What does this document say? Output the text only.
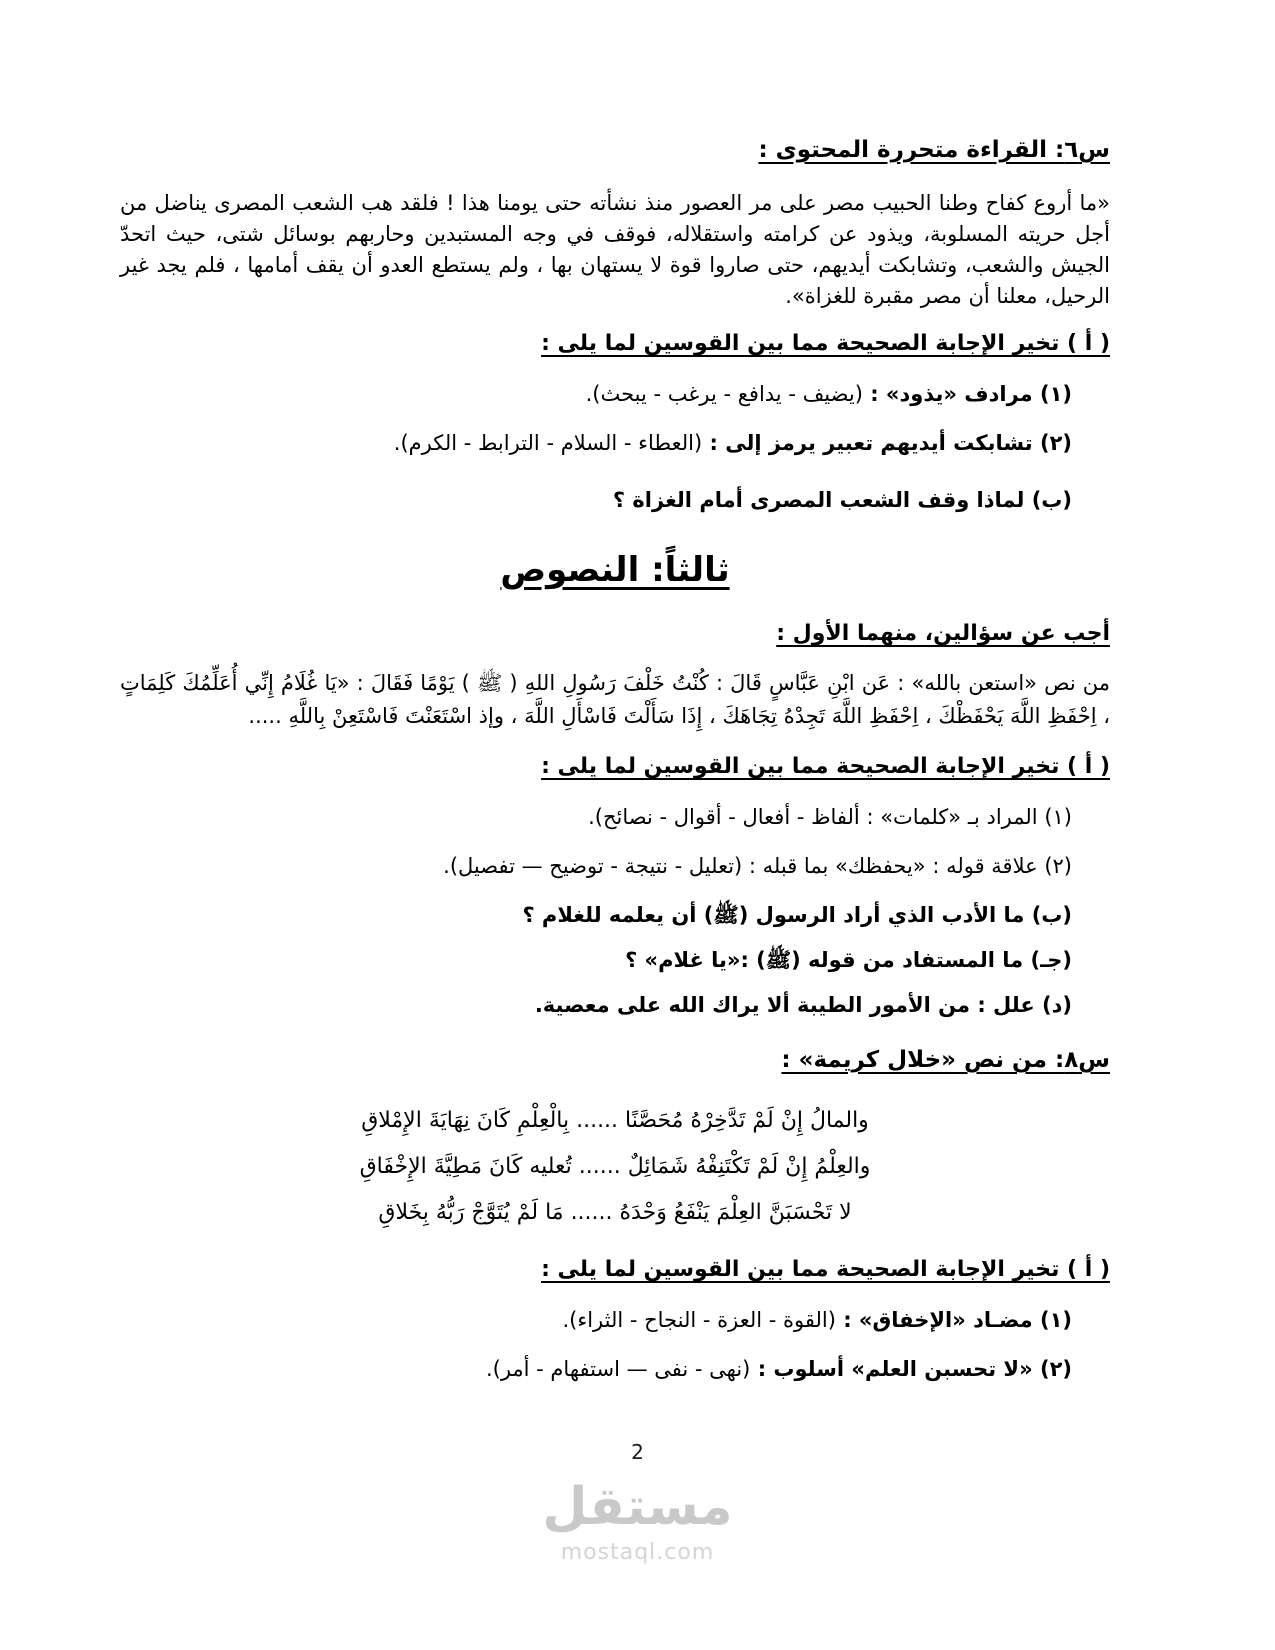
س٦: القراءة متحررة المحتوى :

«ما أروع كفاح وطنا الحبيب مصر على مر العصور منذ نشأته حتى يومنا هذا ! فلقد هب الشعب المصرى يناضل من أجل حريته المسلوبة، ويذود عن كرامته واستقلاله، فوقف في وجه المستبدين وحاربهم بوسائل شتى، حيث اتحدّ الجيش والشعب، وتشابكت أيديهم، حتى صاروا قوة لا يستهان بها ، ولم يستطع العدو أن يقف أمامها ، فلم يجد غير الرحيل، معلنا أن مصر مقبرة للغزاة».

( أ ) تخير الإجابة الصحيحة مما بين القوسين لما يلى :
(١) مرادف «يذود» : (يضيف - يدافع - يرغب - يبحث).
(٢) تشابكت أيديهم تعبير يرمز إلى : (العطاء - السلام - الترابط - الكرم).
(ب) لماذا وقف الشعب المصرى أمام الغزاة ؟
ثالثاً: النصوص
أجب عن سؤالين، منهما الأول :

من نص «استعن بالله» : عَن ابْنِ عَبَّاسٍ قَالَ : كُنْتُ خَلْفَ رَسُولِ اللهِ ( ﷺ ) يَوْمًا فَقَالَ : «يَا غُلَامُ إِنِّي أُعَلِّمُكَ كَلِمَاتٍ ، اِحْفَظِ اللَّهَ يَحْفَظْكَ ، اِحْفَظِ اللَّهَ تَجِدْهُ تِجَاهَكَ ، إِذَا سَأَلْتَ فَاسْأَلِ اللَّهَ ، وإذ اسْتَعَنْتَ فَاسْتَعِنْ بِاللَّهِ .....

( أ ) تخير الإجابة الصحيحة مما بين القوسين لما يلى :
(١) المراد بـ «كلمات» : ألفاظ - أفعال - أقوال - نصائح).
(٢) علاقة قوله : «يحفظك» بما قبله : (تعليل - نتيجة - توضيح — تفصيل).
(ب) ما الأدب الذي أراد الرسول (ﷺ) أن يعلمه للغلام ؟
(جـ) ما المستفاد من قوله (ﷺ) :«يا غلام» ؟
(د) علل : من الأمور الطيبة ألا يراك الله على معصية.
س٨: من نص «خلال كريمة» :
والمالُ إِنْ لَمْ تَدَّخِرْهُ مُحَصَّنًا ...... بِالْعِلْمِ كَانَ نِهَايَةَ الإِمْلاقِ
والعِلْمُ إِنْ لَمْ تَكْتَنِفْهُ شَمَائِلٌ ...... تُعليه كَانَ مَطِيَّةَ الإِخْفَاقِ
لا تَحْسَبَنَّ العِلْمَ يَنْفَعُ وَحْدَهُ ...... مَا لَمْ يُتَوَّجْ رَبُّهُ بِخَلاقِ
( أ ) تخير الإجابة الصحيحة مما بين القوسين لما يلى :
(١) مضـاد «الإخفاق» : (القوة - العزة - النجاح - الثراء).
(٢) «لا تحسبن العلم» أسلوب : (نهى - نفى — استفهام - أمر).
2
مستقل
mostaql.com
